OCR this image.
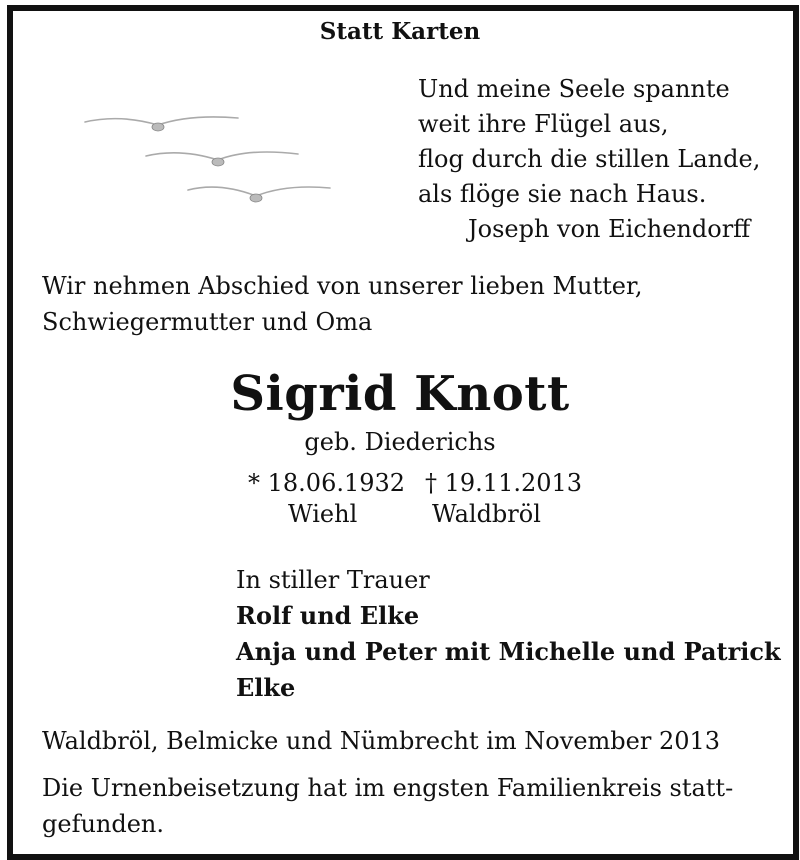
Statt Karten
Und meine Seele spannte
weit ihre Flügel aus,
flog durch die stillen Lande,
als flöge sie nach Haus.
Joseph von Eichendorff
Wir nehmen Abschied von unserer lieben Mutter,
Schwiegermutter und Oma
Sigrid Knott
geb. Diederichs
* 18.06.1932 † 19.11.2013
Wiehl	Waldbröl
In stiller Trauer
Rolf und Elke
Anja und Peter mit Michelle und Patrick
Elke
Waldbröl, Belmicke und Nümbrecht im November 2013
Die Urnenbeisetzung hat im engsten Familienkreis statt-
gefunden.
